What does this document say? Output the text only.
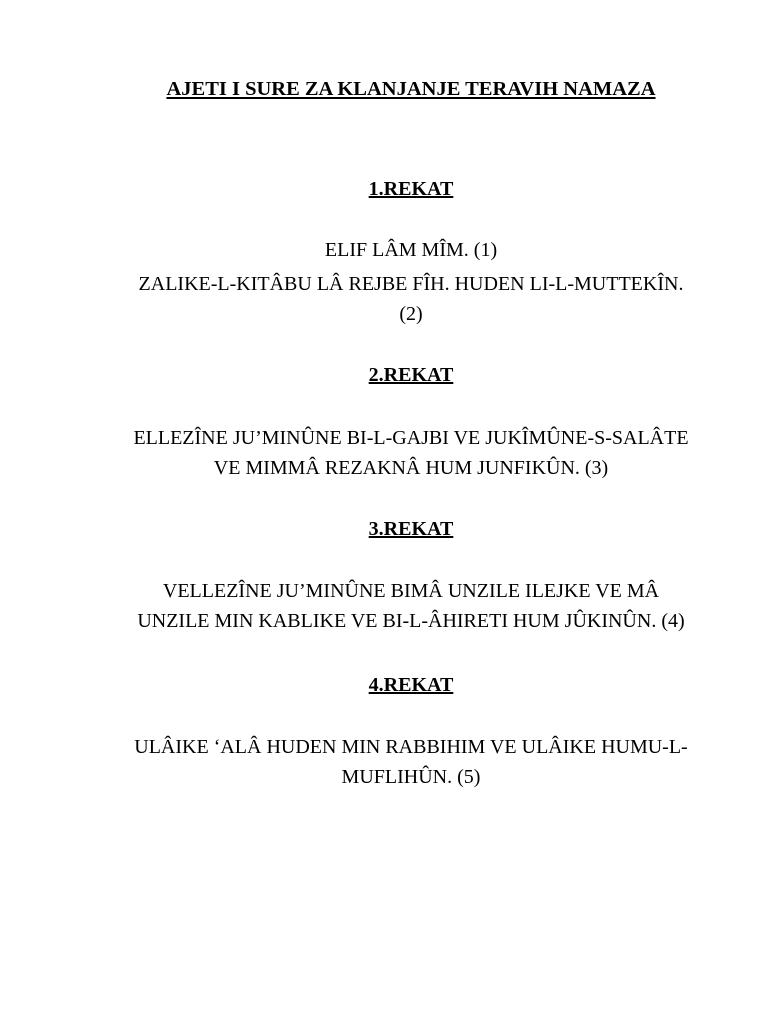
AJETI I SURE ZA KLANJANJE TERAVIH NAMAZA
1.REKAT
ELIF LÂM MÎM. (1)
ZALIKE-L-KITÂBU LÂ REJBE FÎH. HUDEN LI-L-MUTTEKÎN.
(2)
2.REKAT
ELLEZÎNE JU’MINÛNE BI-L-GAJBI VE JUKÎMÛNE-S-SALÂTE
VE MIMMÂ REZAKNÂ HUM JUNFIKÛN. (3)
3.REKAT
VELLEZÎNE JU’MINÛNE BIMÂ UNZILE ILEJKE VE MÂ
UNZILE MIN KABLIKE VE BI-L-ÂHIRETI HUM JÛKINÛN. (4)
4.REKAT
ULÂIKE ‘ALÂ HUDEN MIN RABBIHIM VE ULÂIKE HUMU-L-
MUFLIHÛN. (5)
